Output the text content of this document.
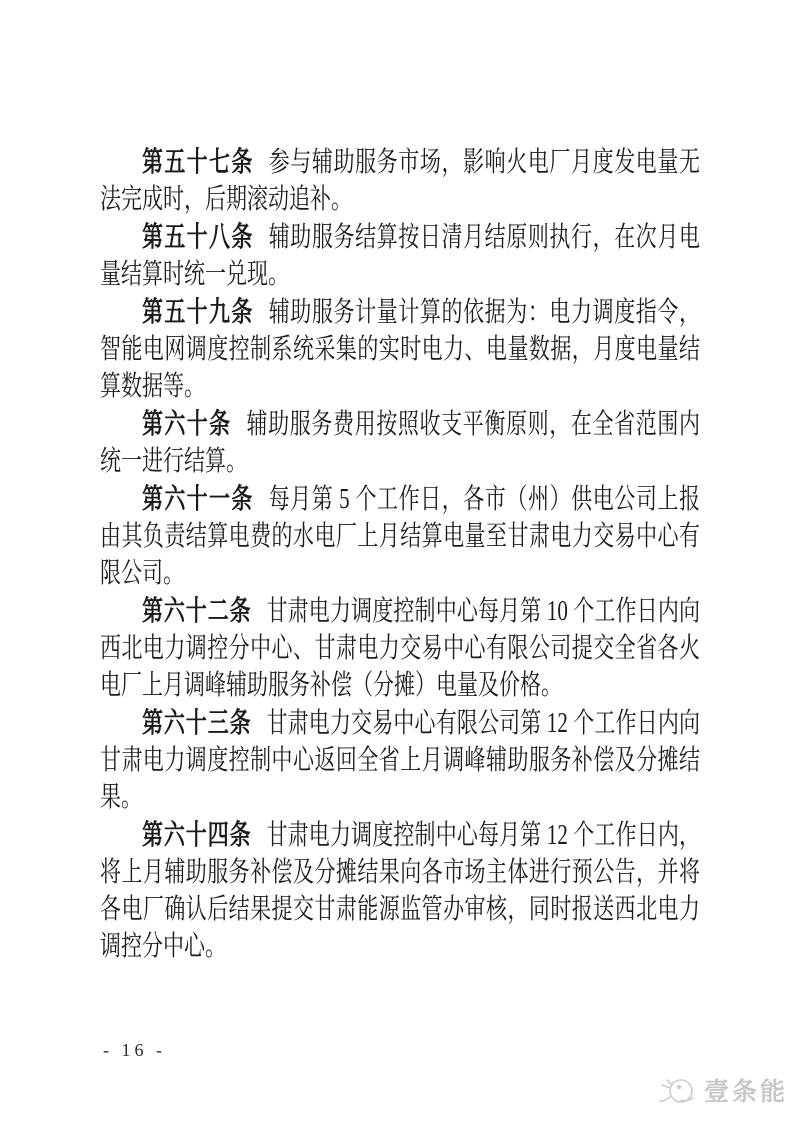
第五十七条 参与辅助服务市场，影响火电厂月度发电量无法完成时，后期滚动追补。

第五十八条 辅助服务结算按日清月结原则执行，在次月电量结算时统一兑现。

第五十九条 辅助服务计量计算的依据为：电力调度指令，智能电网调度控制系统采集的实时电力、电量数据，月度电量结算数据等。

第六十条 辅助服务费用按照收支平衡原则，在全省范围内统一进行结算。

第六十一条 每月第 5 个工作日，各市（州）供电公司上报由其负责结算电费的水电厂上月结算电量至甘肃电力交易中心有限公司。

第六十二条 甘肃电力调度控制中心每月第 10 个工作日内向西北电力调控分中心、甘肃电力交易中心有限公司提交全省各火电厂上月调峰辅助服务补偿（分摊）电量及价格。

第六十三条 甘肃电力交易中心有限公司第 12 个工作日内向甘肃电力调度控制中心返回全省上月调峰辅助服务补偿及分摊结果。

第六十四条 甘肃电力调度控制中心每月第 12 个工作日内，将上月辅助服务补偿及分摊结果向各市场主体进行预公告，并将各电厂确认后结果提交甘肃能源监管办审核，同时报送西北电力调控分中心。

- 16 -
壹条能
